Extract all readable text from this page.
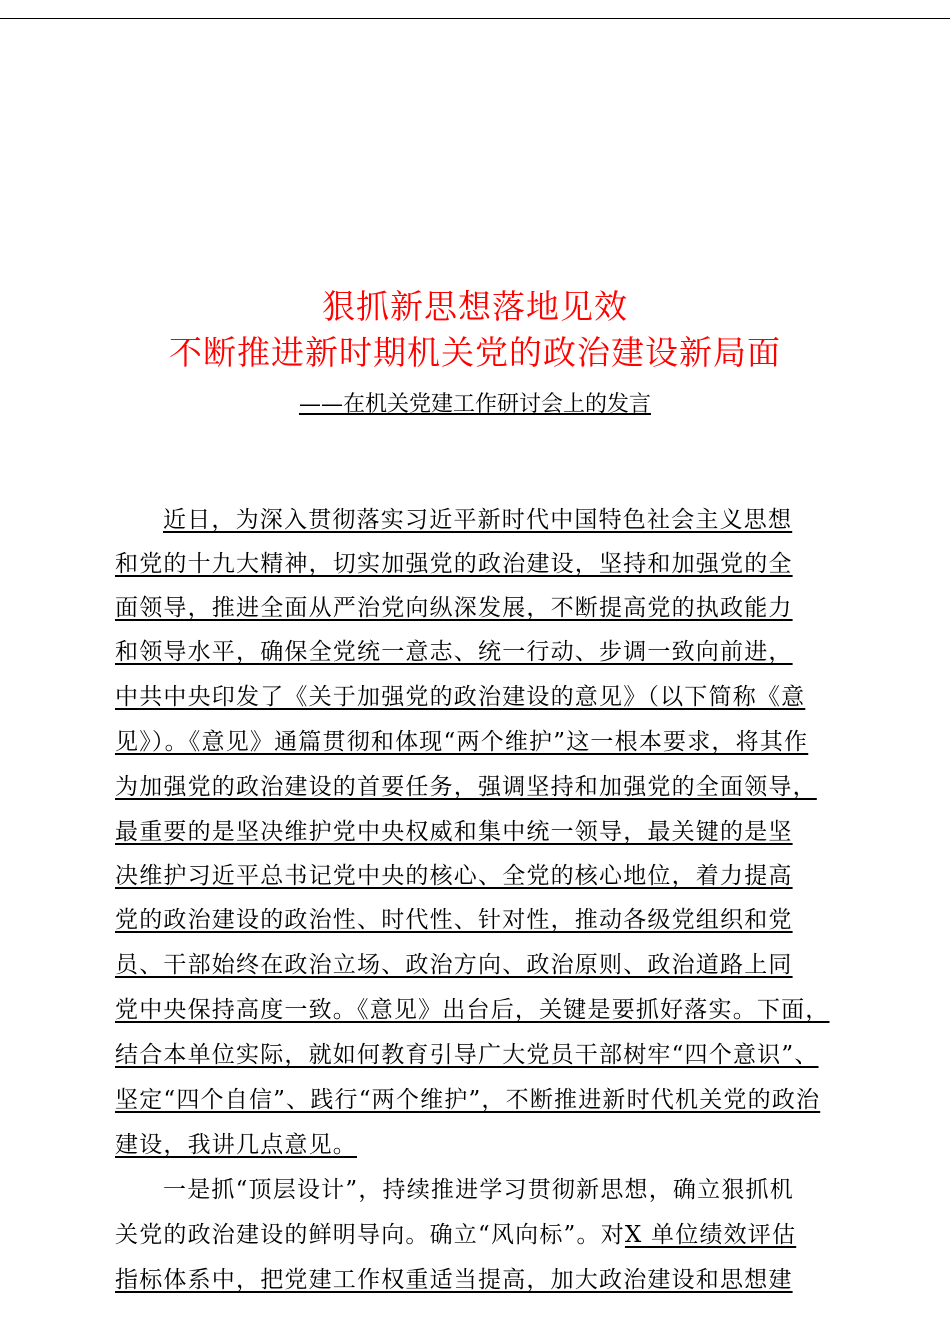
狠抓新思想落地见效
不断推进新时期机关党的政治建设新局面
——在机关党建工作研讨会上的发言
近日，为深入贯彻落实习近平新时代中国特色社会主义思想
和党的十九大精神，切实加强党的政治建设，坚持和加强党的全
面领导，推进全面从严治党向纵深发展，不断提高党的执政能力
和领导水平，确保全党统一意志、统一行动、步调一致向前进，
中共中央印发了《关于加强党的政治建设的意见》（以下简称《意
见》）。《意见》通篇贯彻和体现“两个维护”这一根本要求，将其作
为加强党的政治建设的首要任务，强调坚持和加强党的全面领导，
最重要的是坚决维护党中央权威和集中统一领导，最关键的是坚
决维护习近平总书记党中央的核心、全党的核心地位，着力提高
党的政治建设的政治性、时代性、针对性，推动各级党组织和党
员、干部始终在政治立场、政治方向、政治原则、政治道路上同
党中央保持高度一致。《意见》出台后，关键是要抓好落实。下面，
结合本单位实际，就如何教育引导广大党员干部树牢“四个意识”、
坚定“四个自信”、践行“两个维护”，不断推进新时代机关党的政治
建设，我讲几点意见。
一是抓“顶层设计”，持续推进学习贯彻新思想，确立狠抓机
关党的政治建设的鲜明导向。确立“风向标”。对X 单位绩效评估
指标体系中，把党建工作权重适当提高，加大政治建设和思想建
